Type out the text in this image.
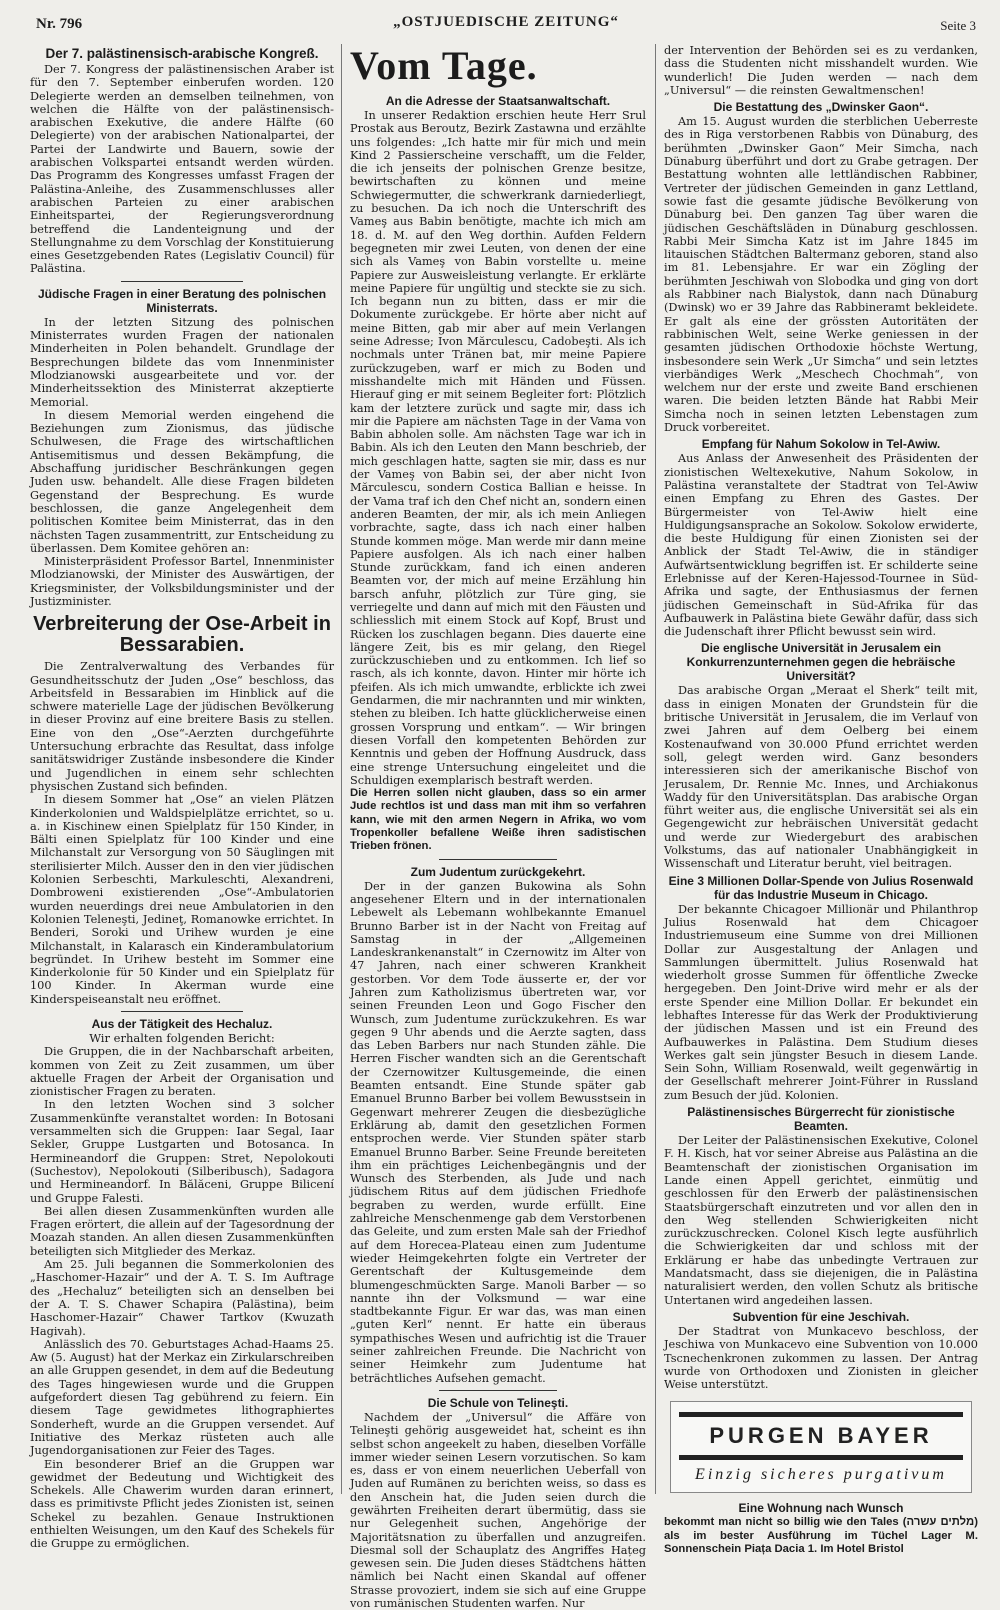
Nr. 796	„OSTJUEDISCHE ZEITUNG“	Seite 3
Der 7. palästinensisch-arabische Kongreß.

Der 7. Kongress der palästinensischen Araber ist für den 7. September einberufen worden. 120 Delegierte werden an demselben teilnehmen, von welchen die Hälfte von der palästinensisch-arabischen Exekutive, die andere Hälfte (60 Delegierte) von der arabischen Nationalpartei, der Partei der Landwirte und Bauern, sowie der arabischen Volkspartei entsandt werden würden. Das Programm des Kongresses umfasst Fragen der Palästina-Anleihe, des Zusammenschlusses aller arabischen Parteien zu einer arabischen Einheitspartei, der Regierungsverordnung betreffend die Landenteignung und der Stellungnahme zu dem Vorschlag der Konstituierung eines Gesetzgebenden Rates (Legislativ Council) für Palästina.

Jüdische Fragen in einer Beratung des polnischen Ministerrats.

In der letzten Sitzung des polnischen Ministerrates wurden Fragen der nationalen Minderheiten in Polen behandelt. Grundlage der Besprechungen bildete das vom Innenminister Mlodzianowski ausgearbeitete und vor. der Minderheitssektion des Ministerrat akzeptierte Memorial.

In diesem Memorial werden eingehend die Beziehungen zum Zionismus, das jüdische Schulwesen, die Frage des wirtschaftlichen Antisemitismus und dessen Bekämpfung, die Abschaffung juridischer Beschränkungen gegen Juden usw. behandelt. Alle diese Fragen bildeten Gegenstand der Besprechung. Es wurde beschlossen, die ganze Angelegenheit dem politischen Komitee beim Ministerrat, das in den nächsten Tagen zusammentritt, zur Entscheidung zu überlassen. Dem Komitee gehören an:

Ministerpräsident Professor Bartel, Innenminister Mlodzianowski, der Minister des Auswärtigen, der Kriegsminister, der Volksbildungsminister und der Justizminister.

Verbreiterung der Ose-Arbeit in Bessarabien.

Die Zentralverwaltung des Verbandes für Gesundheitsschutz der Juden „Ose“ beschloss, das Arbeitsfeld in Bessarabien im Hinblick auf die schwere materielle Lage der jüdischen Bevölkerung in dieser Provinz auf eine breitere Basis zu stellen. Eine von den „Ose“-Aerzten durchgeführte Untersuchung erbrachte das Resultat, dass infolge sanitätswidriger Zustände insbesondere die Kinder und Jugendlichen in einem sehr schlechten physischen Zustand sich befinden.

In diesem Sommer hat „Ose“ an vielen Plätzen Kinderkolonien und Waldspielplätze errichtet, so u. a. in Kischinew einen Spielplatz für 150 Kinder, in Bälti einen Spielplatz für 100 Kinder und eine Milchanstalt zur Versorgung von 50 Säuglingen mit sterilisierter Milch. Ausser den in den vier jüdischen Kolonien Serbeschti, Markuleschti, Alexandreni, Dombroweni existierenden „Ose“-Ambulatorien wurden neuerdings drei neue Ambulatorien in den Kolonien Teleneşti, Jedineţ, Romanowke errichtet. In Benderi, Soroki und Urihew wurden je eine Milchanstalt, in Kalarasch ein Kinderambulatorium begründet. In Urihew besteht im Sommer eine Kinderkolonie für 50 Kinder und ein Spielplatz für 100 Kinder. In Akerman wurde eine Kinderspeiseanstalt neu eröffnet.

Aus der Tätigkeit des Hechaluz.
Wir erhalten folgenden Bericht:

Die Gruppen, die in der Nachbarschaft arbeiten, kommen von Zeit zu Zeit zusammen, um über aktuelle Fragen der Arbeit der Organisation und zionistischer Fragen zu beraten.

In den letzten Wochen sind 3 solcher Zusammenkünfte veranstaltet worden: In Botosani versammelten sich die Gruppen: Iaar Segal, Iaar Sekler, Gruppe Lustgarten und Botosanca. In Hermineandorf die Gruppen: Stret, Nepolokouti (Suchestov), Nepolokouti (Silberibusch), Sadagora und Hermineandorf. In Bălăceni, Gruppe Bilicení und Gruppe Falesti.

Bei allen diesen Zusammenkünften wurden alle Fragen erörtert, die allein auf der Tagesordnung der Moazah standen. An allen diesen Zusammenkünften beteiligten sich Mitglieder des Merkaz.

Am 25. Juli begannen die Sommerkolonien des „Haschomer-Hazair“ und der A. T. S. Im Auftrage des „Hechaluz“ beteiligten sich an denselben bei der A. T. S. Chawer Schapira (Palästina), beim Haschomer-Hazair“ Chawer Tartkov (Kwuzath Hagivah).

Anlässlich des 70. Geburtstages Achad-Haams 25. Aw (5. August) hat der Merkaz ein Zirkularschreiben an alle Gruppen gesendet, in dem auf die Bedeutung des Tages hingewiesen wurde und die Gruppen aufgefordert diesen Tag gebührend zu feiern. Ein diesem Tage gewidmetes lithographiertes Sonderheft, wurde an die Gruppen versendet. Auf Initiative des Merkaz rüsteten auch alle Jugendorganisationen zur Feier des Tages.

Ein besonderer Brief an die Gruppen war gewidmet der Bedeutung und Wichtigkeit des Schekels. Alle Chawerim wurden daran erinnert, dass es primitivste Pflicht jedes Zionisten ist, seinen Schekel zu bezahlen. Genaue Instruktionen enthielten Weisungen, um den Kauf des Schekels für die Gruppe zu ermöglichen.

Vom Tage.
An die Adresse der Staatsanwaltschaft.

In unserer Redaktion erschien heute Herr Srul Prostak aus Beroutz, Bezirk Zastawna und erzählte uns folgendes: „Ich hatte mir für mich und mein Kind 2 Passierscheine verschafft, um die Felder, die ich jenseits der polnischen Grenze besitze, bewirtschaften zu können und meine Schwiegermutter, die schwerkrank darniederliegt, zu besuchen. Da ich noch die Unterschrift des Vameş aus Babin benötigte, machte ich mich am 18. d. M. auf den Weg dorthin. Aufden Feldern begegneten mir zwei Leuten, von denen der eine sich als Vameş von Babin vorstellte u. meine Papiere zur Ausweisleistung verlangte. Er erklärte meine Papiere für ungültig und steckte sie zu sich. Ich begann nun zu bitten, dass er mir die Dokumente zurückgebe. Er hörte aber nicht auf meine Bitten, gab mir aber auf mein Verlangen seine Adresse; Ivon Mărculescu, Cadobeşti. Als ich nochmals unter Tränen bat, mir meine Papiere zurückzugeben, warf er mich zu Boden und misshandelte mich mit Händen und Füssen. Hierauf ging er mit seinem Begleiter fort: Plötzlich kam der letztere zurück und sagte mir, dass ich mir die Papiere am nächsten Tage in der Vama von Babin abholen solle. Am nächsten Tage war ich in Babin. Als ich den Leuten den Mann beschrieb, der mich geschlagen hatte, sagten sie mir, dass es nur der Vameş von Babin sei, der aber nicht Ivon Mărculescu, sondern Costica Ballian e heisse. In der Vama traf ich den Chef nicht an, sondern einen anderen Beamten, der mir, als ich mein Anliegen vorbrachte, sagte, dass ich nach einer halben Stunde kommen möge. Man werde mir dann meine Papiere ausfolgen. Als ich nach einer halben Stunde zurückkam, fand ich einen anderen Beamten vor, der mich auf meine Erzählung hin barsch anfuhr, plötzlich zur Türe ging, sie verriegelte und dann auf mich mit den Fäusten und schliesslich mit einem Stock auf Kopf, Brust und Rücken los zuschlagen begann. Dies dauerte eine längere Zeit, bis es mir gelang, den Riegel zurückzuschieben und zu entkommen. Ich lief so rasch, als ich konnte, davon. Hinter mir hörte ich pfeifen. Als ich mich umwandte, erblickte ich zwei Gendarmen, die mir nachrannten und mir winkten, stehen zu bleiben. Ich hatte glücklicherweise einen grossen Vorsprung und entkam“. — Wir bringen diesen Vorfall den kompetenten Behörden zur Kenntnis und geben der Hoffnung Ausdruck, dass eine strenge Untersuchung eingeleitet und die Schuldigen exemplarisch bestraft werden.

Die Herren sollen nicht glauben, dass so ein armer Jude rechtlos ist und dass man mit ihm so verfahren kann, wie mit den armen Negern in Afrika, wo vom Tropenkoller befallene Weiße ihren sadistischen Trieben frönen.

Zum Judentum zurückgekehrt.

Der in der ganzen Bukowina als Sohn angesehener Eltern und in der internationalen Lebewelt als Lebemann wohlbekannte Emanuel Brunno Barber ist in der Nacht von Freitag auf Samstag in der „Allgemeinen Landeskrankenanstalt“ in Czernowitz im Alter von 47 Jahren, nach einer schweren Krankheit gestorben. Vor dem Tode äusserte er, der vor Jahren zum Katholizismus übertreten war, vor seinen Freunden Leon und Gogo Fischer den Wunsch, zum Judentume zurückzukehren. Es war gegen 9 Uhr abends und die Aerzte sagten, dass das Leben Barbers nur nach Stunden zähle. Die Herren Fischer wandten sich an die Gerentschaft der Czernowitzer Kultusgemeinde, die einen Beamten entsandt. Eine Stunde später gab Emanuel Brunno Barber bei vollem Bewusstsein in Gegenwart mehrerer Zeugen die diesbezügliche Erklärung ab, damit den gesetzlichen Formen entsprochen werde. Vier Stunden später starb Emanuel Brunno Barber. Seine Freunde bereiteten ihm ein prächtiges Leichenbegängnis und der Wunsch des Sterbenden, als Jude und nach jüdischem Ritus auf dem jüdischen Friedhofe begraben zu werden, wurde erfüllt. Eine zahlreiche Menschenmenge gab dem Verstorbenen das Geleite, und zum ersten Male sah der Friedhof auf dem Horecea-Plateau einen zum Judentume wieder Heimgekehrten folgte ein Vertreter der Gerentschaft der Kultusgemeinde dem blumengeschmückten Sarge. Manoli Barber — so nannte ihn der Volksmund — war eine stadtbekannte Figur. Er war das, was man einen „guten Kerl“ nennt. Er hatte ein überaus sympathisches Wesen und aufrichtig ist die Trauer seiner zahlreichen Freunde. Die Nachricht von seiner Heimkehr zum Judentume hat beträchtliches Aufsehen gemacht.

Die Schule von Telineşti.

Nachdem der „Universul“ die Affäre von Telineşti gehörig ausgeweidet hat, scheint es ihn selbst schon angeekelt zu haben, dieselben Vorfälle immer wieder seinen Lesern vorzutischen. So kam es, dass er von einem neuerlichen Ueberfall von Juden auf Rumänen zu berichten weiss, so dass es den Anschein hat, die Juden seien durch die gewährten Freiheiten derart übermütig, dass sie nur Gelegenheit suchen, Angehörige der Majoritätsnation zu überfallen und anzugreifen. Diesmal soll der Schauplatz des Angriffes Hațeg gewesen sein. Die Juden dieses Städtchens hätten nämlich bei Nacht einen Skandal auf offener Strasse provoziert, indem sie sich auf eine Gruppe von rumänischen Studenten warfen. Nur

der Intervention der Behörden sei es zu verdanken, dass die Studenten nicht misshandelt wurden. Wie wunderlich! Die Juden werden — nach dem „Universul“ — die reinsten Gewaltmenschen!

Die Bestattung des „Dwinsker Gaon“.

Am 15. August wurden die sterblichen Ueberreste des in Riga verstorbenen Rabbis von Dünaburg, des berühmten „Dwinsker Gaon“ Meir Simcha, nach Dünaburg überführt und dort zu Grabe getragen. Der Bestattung wohnten alle lettländischen Rabbiner, Vertreter der jüdischen Gemeinden in ganz Lettland, sowie fast die gesamte jüdische Bevölkerung von Dünaburg bei. Den ganzen Tag über waren die jüdischen Geschäftsläden in Dünaburg geschlossen. Rabbi Meir Simcha Katz ist im Jahre 1845 im litauischen Städtchen Baltermanz geboren, stand also im 81. Lebensjahre. Er war ein Zögling der berühmten Jeschiwah von Slobodka und ging von dort als Rabbiner nach Bialystok, dann nach Dünaburg (Dwinsk) wo er 39 Jahre das Rabbineramt bekleidete. Er galt als eine der grössten Autoritäten der rabbinischen Welt, seine Werke geniessen in der gesamten jüdischen Orthodoxie höchste Wertung, insbesondere sein Werk „Ur Simcha“ und sein letztes vierbändiges Werk „Meschech Chochmah“, von welchem nur der erste und zweite Band erschienen waren. Die beiden letzten Bände hat Rabbi Meir Simcha noch in seinen letzten Lebenstagen zum Druck vorbereitet.

Empfang für Nahum Sokolow in Tel-Awiw.

Aus Anlass der Anwesenheit des Präsidenten der zionistischen Weltexekutive, Nahum Sokolow, in Palästina veranstaltete der Stadtrat von Tel-Awiw einen Empfang zu Ehren des Gastes. Der Bürgermeister von Tel-Awiw hielt eine Huldigungsansprache an Sokolow. Sokolow erwiderte, die beste Huldigung für einen Zionisten sei der Anblick der Stadt Tel-Awiw, die in ständiger Aufwärtsentwicklung begriffen ist. Er schilderte seine Erlebnisse auf der Keren-Hajessod-Tournee in Süd-Afrika und sagte, der Enthusiasmus der fernen jüdischen Gemeinschaft in Süd-Afrika für das Aufbauwerk in Palästina biete Gewähr dafür, dass sich die Judenschaft ihrer Pflicht bewusst sein wird.

Die englische Universität in Jerusalem ein Konkurrenzunternehmen gegen die hebräische Universität?

Das arabische Organ „Meraat el Sherk“ teilt mit, dass in einigen Monaten der Grundstein für die britische Universität in Jerusalem, die im Verlauf von zwei Jahren auf dem Oelberg bei einem Kostenaufwand von 30.000 Pfund errichtet werden soll, gelegt werden wird. Ganz besonders interessieren sich der amerikanische Bischof von Jerusalem, Dr. Rennie Mc. Innes, und Archiakonus Waddy für den Universitätsplan. Das arabische Organ führt weiter aus, die englische Universität sei als ein Gegengewicht zur hebräischen Universität gedacht und werde zur Wiedergeburt des arabischen Volkstums, das auf nationaler Unabhängigkeit in Wissenschaft und Literatur beruht, viel beitragen.

Eine 3 Millionen Dollar-Spende von Julius Rosenwald für das Industrie Museum in Chicago.

Der bekannte Chicagoer Millionär und Philanthrop Julius Rosenwald hat dem Chicagoer Industriemuseum eine Summe von drei Millionen Dollar zur Ausgestaltung der Anlagen und Sammlungen übermittelt. Julius Rosenwald hat wiederholt grosse Summen für öffentliche Zwecke hergegeben. Den Joint-Drive wird mehr er als der erste Spender eine Million Dollar. Er bekundet ein lebhaftes Interesse für das Werk der Produktivierung der jüdischen Massen und ist ein Freund des Aufbauwerkes in Palästina. Dem Studium dieses Werkes galt sein jüngster Besuch in diesem Lande. Sein Sohn, William Rosenwald, weilt gegenwärtig in der Gesellschaft mehrerer Joint-Führer in Russland zum Besuch der jüd. Kolonien.

Palästinensisches Bürgerrecht für zionistische Beamten.

Der Leiter der Palästinensischen Exekutive, Colonel F. H. Kisch, hat vor seiner Abreise aus Palästina an die Beamtenschaft der zionistischen Organisation im Lande einen Appell gerichtet, einmütig und geschlossen für den Erwerb der palästinensischen Staatsbürgerschaft einzutreten und vor allen den in den Weg stellenden Schwierigkeiten nicht zurückzuschrecken. Colonel Kisch legte ausführlich die Schwierigkeiten dar und schloss mit der Erklärung er habe das unbedingte Vertrauen zur Mandatsmacht, dass sie diejenigen, die in Palästina naturalisiert werden, den vollen Schutz als britische Untertanen wird angedeihen lassen.

Subvention für eine Jeschivah.

Der Stadtrat von Munkacevo beschloss, der Jeschiwa von Munkacevo eine Subvention von 10.000 Tscnechenkronen zukommen zu lassen. Der Antrag wurde von Orthodoxen und Zionisten in gleicher Weise unterstützt.

PURGEN BAYER
Einzig sicheres purgativum
Eine Wohnung nach Wunsch

bekommt man nicht so billig wie den Tales (מלתים עשרה) als im bester Ausführung im Tüchel Lager M. Sonnenschein Piața Dacia 1. Im Hotel Bristol
